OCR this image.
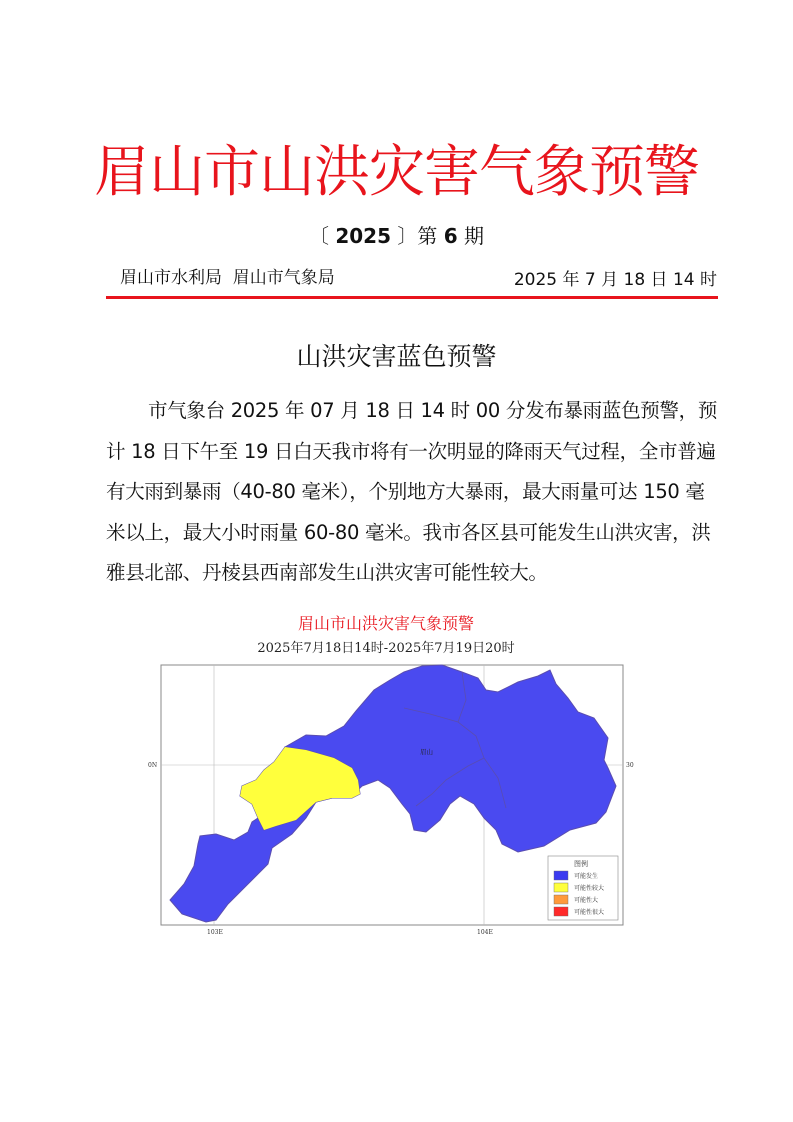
眉山市山洪灾害气象预警
〔 2025 〕第 6 期
眉山市水利局  眉山市气象局	2025 年 7 月 18 日 14 时
山洪灾害蓝色预警
市气象台 2025 年 07 月 18 日 14 时 00 分发布暴雨蓝色预警，预计 18 日下午至 19 日白天我市将有一次明显的降雨天气过程，全市普遍有大雨到暴雨（40-80 毫米），个别地方大暴雨，最大雨量可达 150 毫米以上，最大小时雨量 60-80 毫米。我市各区县可能发生山洪灾害，洪雅县北部、丹棱县西南部发生山洪灾害可能性较大。
眉山市山洪灾害气象预警
2025年7月18日14时-2025年7月19日20时
眉山
0N	30
103E	104E
图例
可能发生
可能性较大
可能性大
可能性很大
